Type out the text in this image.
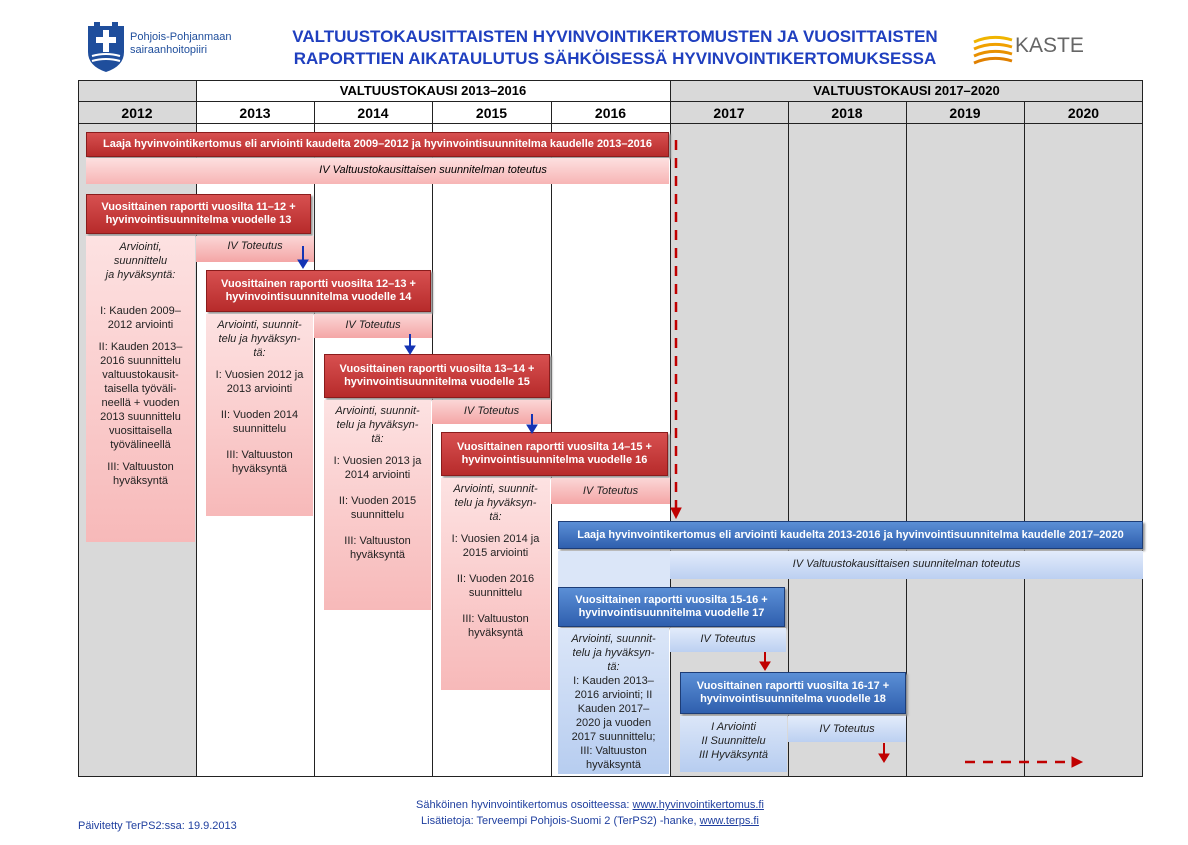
Pohjois-Pohjanmaan
sairaanhoitopiiri
VALTUUSTOKAUSITTAISTEN HYVINVOINTIKERTOMUSTEN JA VUOSITTAISTEN
RAPORTTIEN AIKATAULUTUS SÄHKÖISESSÄ HYVINVOINTIKERTOMUKSESSA
KASTE
VALTUUSTOKAUSI 2013–2016	VALTUUSTOKAUSI 2017–2020
2012	2013	2014	2015	2016	2017	2018	2019	2020
Laaja hyvinvointikertomus eli arviointi kaudelta 2009–2012 ja hyvinvointisuunnitelma kaudelle 2013–2016
IV Valtuustokausittaisen suunnitelman toteutus
Vuosittainen raportti vuosilta 11–12 +
hyvinvointisuunnitelma vuodelle 13
Arviointi,
suunnittelu
ja hyväksyntä:
I: Kauden 2009–
2012 arviointi
II: Kauden 2013–
2016 suunnittelu
valtuustokausit-
taisella työväli-
neellä + vuoden
2013 suunnittelu
vuosittaisella
työvälineellä
III: Valtuuston
hyväksyntä
IV Toteutus
Vuosittainen raportti vuosilta 12–13 +
hyvinvointisuunnitelma vuodelle 14
Arviointi, suunnit-
telu ja hyväksyn-
tä:
I: Vuosien 2012 ja
2013 arviointi
II: Vuoden 2014
suunnittelu
III: Valtuuston
hyväksyntä
IV Toteutus
Vuosittainen raportti vuosilta 13–14 +
hyvinvointisuunnitelma vuodelle 15
Arviointi, suunnit-
telu ja hyväksyn-
tä:
I: Vuosien 2013 ja
2014 arviointi
II: Vuoden 2015
suunnittelu
III: Valtuuston
hyväksyntä
IV Toteutus
Vuosittainen raportti vuosilta 14–15 +
hyvinvointisuunnitelma vuodelle 16
Arviointi, suunnit-
telu ja hyväksyn-
tä:
I: Vuosien 2014 ja
2015 arviointi
II: Vuoden 2016
suunnittelu
III: Valtuuston
hyväksyntä
IV Toteutus
Laaja hyvinvointikertomus eli arviointi kaudelta 2013-2016 ja hyvinvointisuunnitelma kaudelle 2017–2020
IV Valtuustokausittaisen suunnitelman toteutus
Vuosittainen raportti vuosilta 15-16 +
hyvinvointisuunnitelma vuodelle 17
Arviointi, suunnit-
telu ja hyväksyn-
tä:
I: Kauden 2013–
2016 arviointi; II
Kauden 2017–
2020 ja vuoden
2017 suunnittelu;
III: Valtuuston
hyväksyntä
IV Toteutus
Vuosittainen raportti vuosilta 16-17 +
hyvinvointisuunnitelma vuodelle 18
I Arviointi
II Suunnittelu
III Hyväksyntä
IV Toteutus
Sähköinen hyvinvointikertomus osoitteessa: www.hyvinvointikertomus.fi
Lisätietoja: Terveempi Pohjois-Suomi 2 (TerPS2) -hanke, www.terps.fi
Päivitetty TerPS2:ssa: 19.9.2013
